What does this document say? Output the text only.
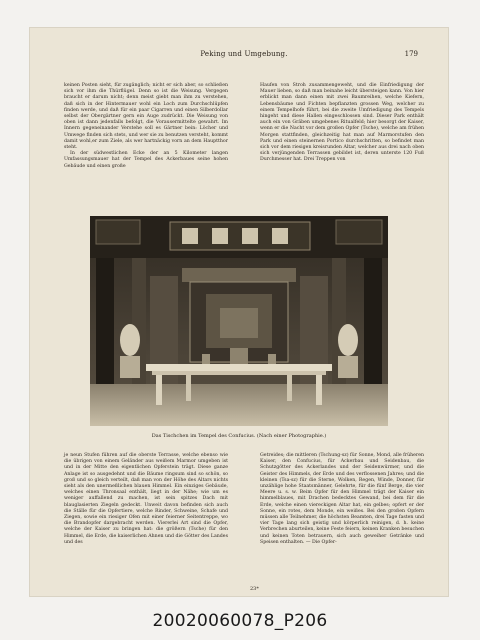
Peking und Umgebung.	179

keinen Posten sieht, für zugänglich; nicht er sich aber, so schließen sich vor ihm die Thürflügel. Denn so ist die Weisung. Vergegen braucht er darum nicht; denn meist giebt man ihm zu verstehen, daß sich in der Hintermauer wohl ein Loch zum Durchschlüpfen finden werde, und daß für ein paar Cigarren und einen Silberdollar selbst der Obergärtner gern ein Auge zudrückt. Die Weisung von oben ist dann jedenfalls befolgt, die Vorausermittelte gewahrt. Im Innern gegeneinander Verstehe soll es Gärtner bein: Löcher und Umwege finden sich stets, und wer sie zu benutzen versteht, kommt damit wohl,er zum Ziele, als wer hartnäckig vorn an dem Hauptthor steht.

In der südwestlichen Ecke der an 5 Kilometer langen Umfassungsmauer hat der Tempel des Ackerbaues seine hohen Gebäude und einen große

Haufen von Stroh zusammengeweht, und die Einfriedigung der Mauer lieben, so daß man beinahe leicht übersteigen kann. Von hier erblickt man dann einen mit zwei Baumreihen, welche Kiefern, Lebensbäume und Fichten bepflanzten grossen Weg, welcher zu einem Tempelhofe führt, bei die zweite Umfriedigung des Tempels hingeht und diese Hallen eingeschlossen sind. Dieser Park enthält auch ein von Gräben umgebenes Ritualfeld; hier besorgt der Kaiser, wenn er die Nacht vor dem großen Opfer (Tsche), welche am frühen Morgen stattfinden, gleichzeitig hat man auf Marmorstufen den Park und einen steinernen Portico durchschritten, so befindet man sich vor dem riesigen kreisrunden Altar, welcher aus drei nach oben sich verjüngenden Terrassen gebildet ist, deren unterste 120 Fuß Durchmesser hat. Drei Treppen von

Das Tischchen im Tempel des Confucius. (Nach einer Photographie.)

je neun Stufen führen auf die oberste Terrasse, welche ebenso wie die übrigen von einem Geländer aus weißem Marmor umgeben ist und in der Mitte den eigentlichen Opferstein trägt. Diese ganze Anlage ist so ausgedehnt und die Bäume ringsum sind so schön, so groß und so gleich verteilt, daß man von der Höhe des Altars nichts sieht als den unermeßlichen blauen Himmel. Ein einziges Gebäude, welches einen Thronsaal enthält, liegt in der Nähe; wie um es weniger auffallend zu machen, ist sein spitzes Dach mit blauglasierten Ziegeln gedeckt. Unweit davon befinden sich auch die Ställe für die Opfertiere, welche Rinder, Schweine, Schafe und Ziegen, sowie ein riesiger Ofen mit einer feierner Seitentreppe, wo die Brandopfer dargebracht werden. Viererlei Art sind die Opfer, welche der Kaiser zu bringen hat: die größern (Tsche) für den Himmel, die Erde, die kaiserlichen Ahnen und die Götter des Landes und des

Getreides; die mittleren (Tschung-sz) für Sonne, Mond, alle früheren Kaiser, den Confucius, für Ackerbau und Seidenbau, die Schutzgötter des Ackerlandes und der Seidenwürmer, und die Geister des Himmels, der Erde und des verflossenen Jahres; und die kleinen (Tsa-sz) für die Sterne, Wolken, Regen, Winde, Donner, für unzählige hohe Staatsmänner, Gelehrte, für die fünf Berge, die vier Meere u. s. w. Beim Opfer für den Himmel trägt der Kaiser ein himmelblaues, mit Drachen bedecktes Gewand, bei dem für die Erde, welche einen viereckigen Altar hat, ein gelbes; opfert er der Sonne, ein rotes, dem Monde, ein weißes. Bei den großen Opfern müssen alle Teilnehmer, die höchsten Beamten, drei Tage fasten und vier Tage lang sich geistig und körperlich reinigen, d. h. keine Verbrechen aburteilen, keine Feste feiern, keinen Kranken besuchen und keinen Toten betrauern, sich auch geweiher Getränke und Speisen enthalten. — Die Opfer-

23*
20020060078_P206
